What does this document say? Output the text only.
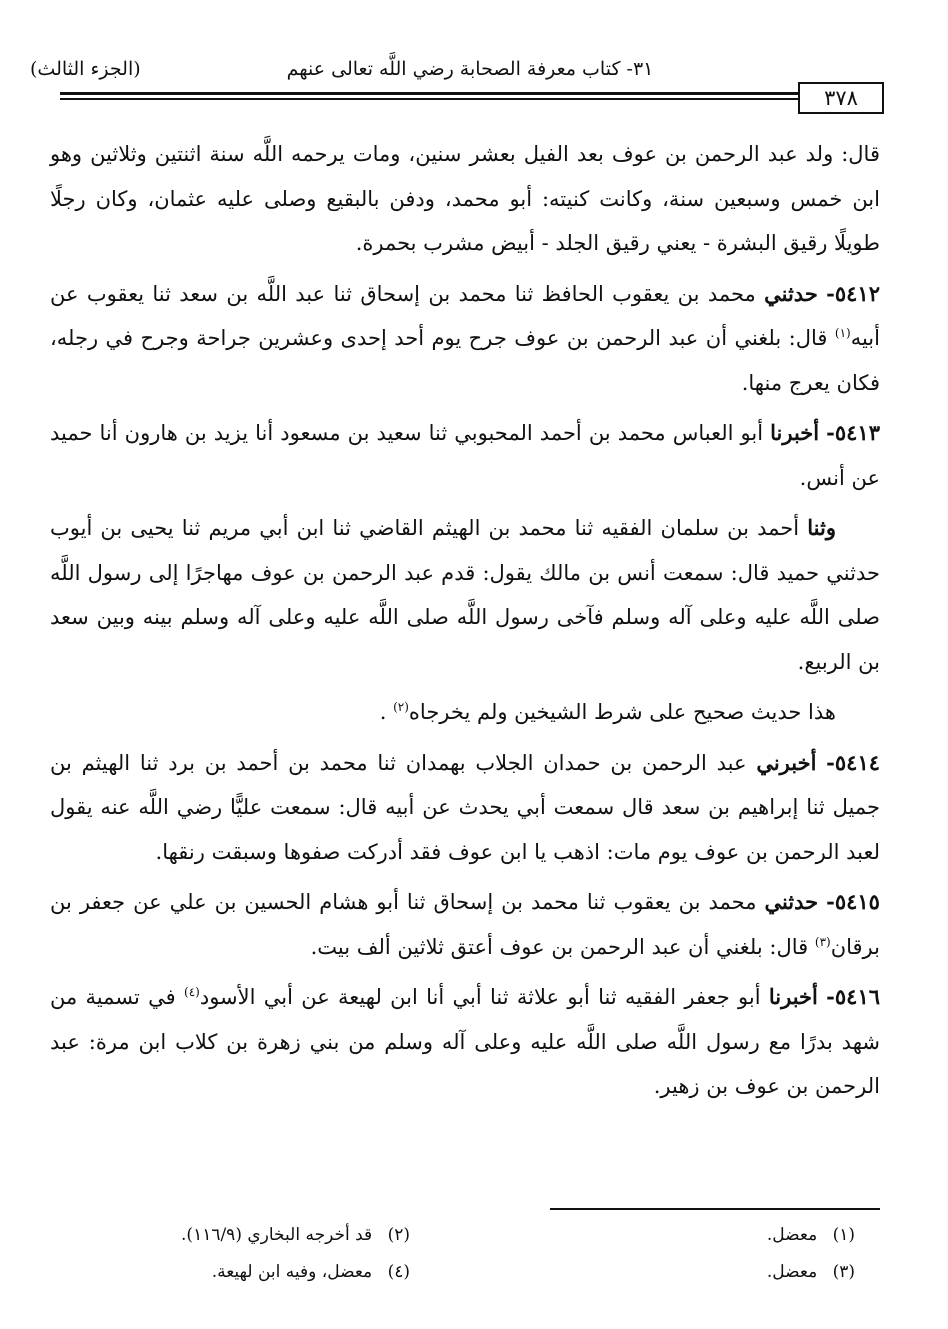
(الجزء الثالث)	٣١- كتاب معرفة الصحابة رضي اللَّه تعالى عنهم
٣٧٨

قال: ولد عبد الرحمن بن عوف بعد الفيل بعشر سنين، ومات يرحمه اللَّه سنة اثنتين وثلاثين وهو ابن خمس وسبعين سنة، وكانت كنيته: أبو محمد، ودفن بالبقيع وصلى عليه عثمان، وكان رجلًا طويلًا رقيق البشرة - يعني رقيق الجلد - أبيض مشرب بحمرة.

٥٤١٢- حدثني محمد بن يعقوب الحافظ ثنا محمد بن إسحاق ثنا عبد اللَّه بن سعد ثنا يعقوب عن أبيه$^{(١)}$ قال: بلغني أن عبد الرحمن بن عوف جرح يوم أحد إحدى وعشرين جراحة وجرح في رجله، فكان يعرج منها.

٥٤١٣- أخبرنا أبو العباس محمد بن أحمد المحبوبي ثنا سعيد بن مسعود أنا يزيد بن هارون أنا حميد عن أنس.

وثنا أحمد بن سلمان الفقيه ثنا محمد بن الهيثم القاضي ثنا ابن أبي مريم ثنا يحيى بن أيوب حدثني حميد قال: سمعت أنس بن مالك يقول: قدم عبد الرحمن بن عوف مهاجرًا إلى رسول اللَّه صلى اللَّه عليه وعلى آله وسلم فآخى رسول اللَّه صلى اللَّه عليه وعلى آله وسلم بينه وبين سعد بن الربيع.

هذا حديث صحيح على شرط الشيخين ولم يخرجاه$^{(٢)}$ .

٥٤١٤- أخبرني عبد الرحمن بن حمدان الجلاب بهمدان ثنا محمد بن أحمد بن برد ثنا الهيثم بن جميل ثنا إبراهيم بن سعد قال سمعت أبي يحدث عن أبيه قال: سمعت عليًّا رضي اللَّه عنه يقول لعبد الرحمن بن عوف يوم مات: اذهب يا ابن عوف فقد أدركت صفوها وسبقت رنقها.

٥٤١٥- حدثني محمد بن يعقوب ثنا محمد بن إسحاق ثنا أبو هشام الحسين بن علي عن جعفر بن برقان$^{(٣)}$ قال: بلغني أن عبد الرحمن بن عوف أعتق ثلاثين ألف بيت.

٥٤١٦- أخبرنا أبو جعفر الفقيه ثنا أبو علاثة ثنا أبي أنا ابن لهيعة عن أبي الأسود$^{(٤)}$ في تسمية من شهد بدرًا مع رسول اللَّه صلى اللَّه عليه وعلى آله وسلم من بني زهرة بن كلاب ابن مرة: عبد الرحمن بن عوف بن زهير.

(١) معضل.
(٢) قد أخرجه البخاري (١١٦/٩).
(٣) معضل.
(٤) معضل، وفيه ابن لهيعة.
